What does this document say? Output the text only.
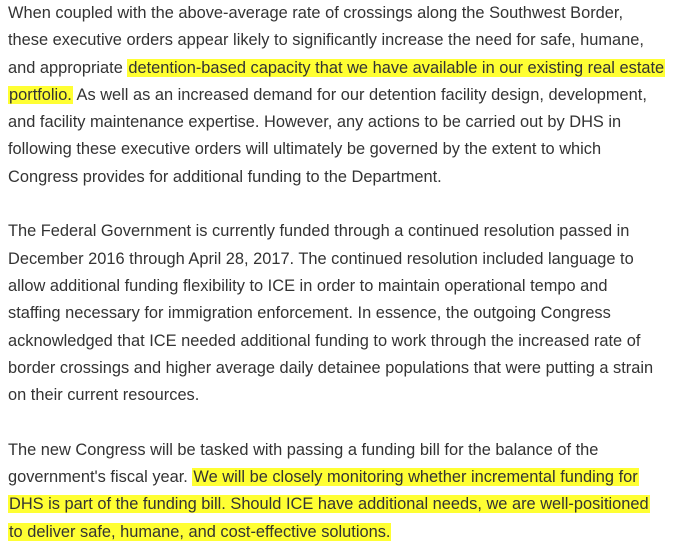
When coupled with the above-average rate of crossings along the Southwest Border,
these executive orders appear likely to significantly increase the need for safe, humane,
and appropriate detention-based capacity that we have available in our existing real estate
portfolio. As well as an increased demand for our detention facility design, development,
and facility maintenance expertise. However, any actions to be carried out by DHS in
following these executive orders will ultimately be governed by the extent to which
Congress provides for additional funding to the Department.

The Federal Government is currently funded through a continued resolution passed in
December 2016 through April 28, 2017. The continued resolution included language to
allow additional funding flexibility to ICE in order to maintain operational tempo and
staffing necessary for immigration enforcement. In essence, the outgoing Congress
acknowledged that ICE needed additional funding to work through the increased rate of
border crossings and higher average daily detainee populations that were putting a strain
on their current resources.

The new Congress will be tasked with passing a funding bill for the balance of the
government's fiscal year. We will be closely monitoring whether incremental funding for
DHS is part of the funding bill. Should ICE have additional needs, we are well-positioned
to deliver safe, humane, and cost-effective solutions.
